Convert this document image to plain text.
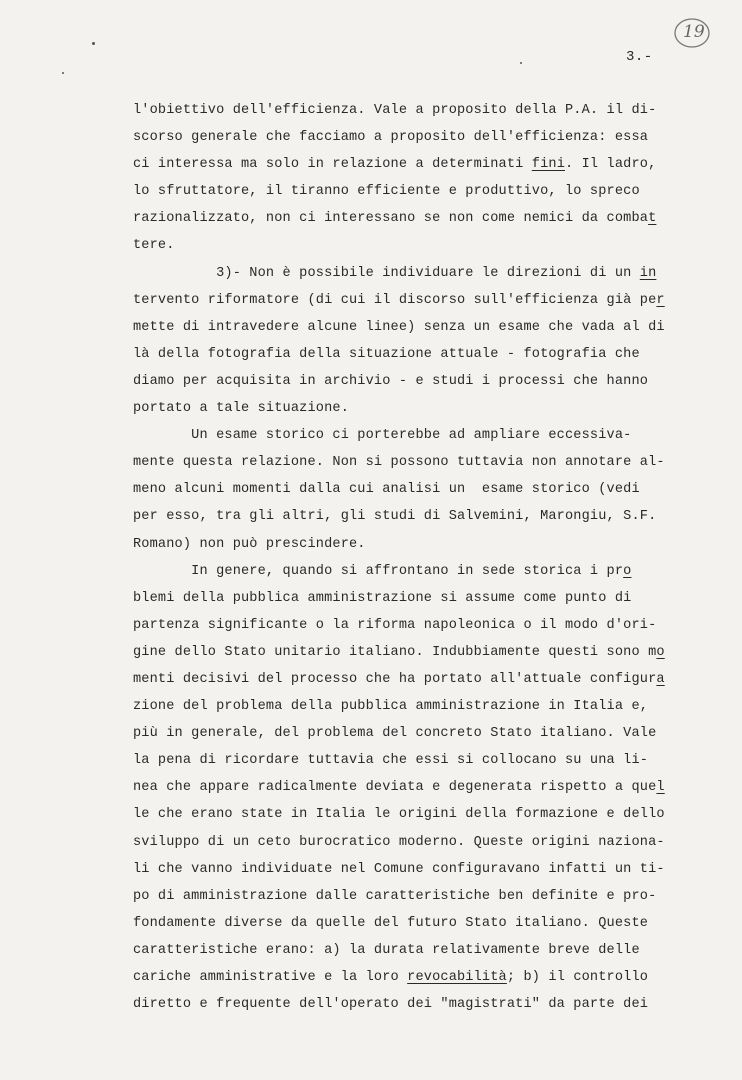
19
3.-
l'obiettivo dell'efficienza. Vale a proposito della P.A. il di-
scorso generale che facciamo a proposito dell'efficienza: essa
ci interessa ma solo in relazione a determinati fini. Il ladro,
lo sfruttatore, il tiranno efficiente e produttivo, lo spreco
razionalizzato, non ci interessano se non come nemici da combat
tere.
3)- Non è possibile individuare le direzioni di un in
tervento riformatore (di cui il discorso sull'efficienza già per
mette di intravedere alcune linee) senza un esame che vada al di
là della fotografia della situazione attuale - fotografia che
diamo per acquisita in archivio - e studi i processi che hanno
portato a tale situazione.
Un esame storico ci porterebbe ad ampliare eccessiva-
mente questa relazione. Non si possono tuttavia non annotare al-
meno alcuni momenti dalla cui analisi un  esame storico (vedi
per esso, tra gli altri, gli studi di Salvemini, Marongiu, S.F.
Romano) non può prescindere.
In genere, quando si affrontano in sede storica i pro
blemi della pubblica amministrazione si assume come punto di
partenza significante o la riforma napoleonica o il modo d'ori-
gine dello Stato unitario italiano. Indubbiamente questi sono mo
menti decisivi del processo che ha portato all'attuale configura
zione del problema della pubblica amministrazione in Italia e,
più in generale, del problema del concreto Stato italiano. Vale
la pena di ricordare tuttavia che essi si collocano su una li-
nea che appare radicalmente deviata e degenerata rispetto a quel
le che erano state in Italia le origini della formazione e dello
sviluppo di un ceto burocratico moderno. Queste origini naziona-
li che vanno individuate nel Comune configuravano infatti un ti-
po di amministrazione dalle caratteristiche ben definite e pro-
fondamente diverse da quelle del futuro Stato italiano. Queste
caratteristiche erano: a) la durata relativamente breve delle
cariche amministrative e la loro revocabilità; b) il controllo
diretto e frequente dell'operato dei "magistrati" da parte dei
